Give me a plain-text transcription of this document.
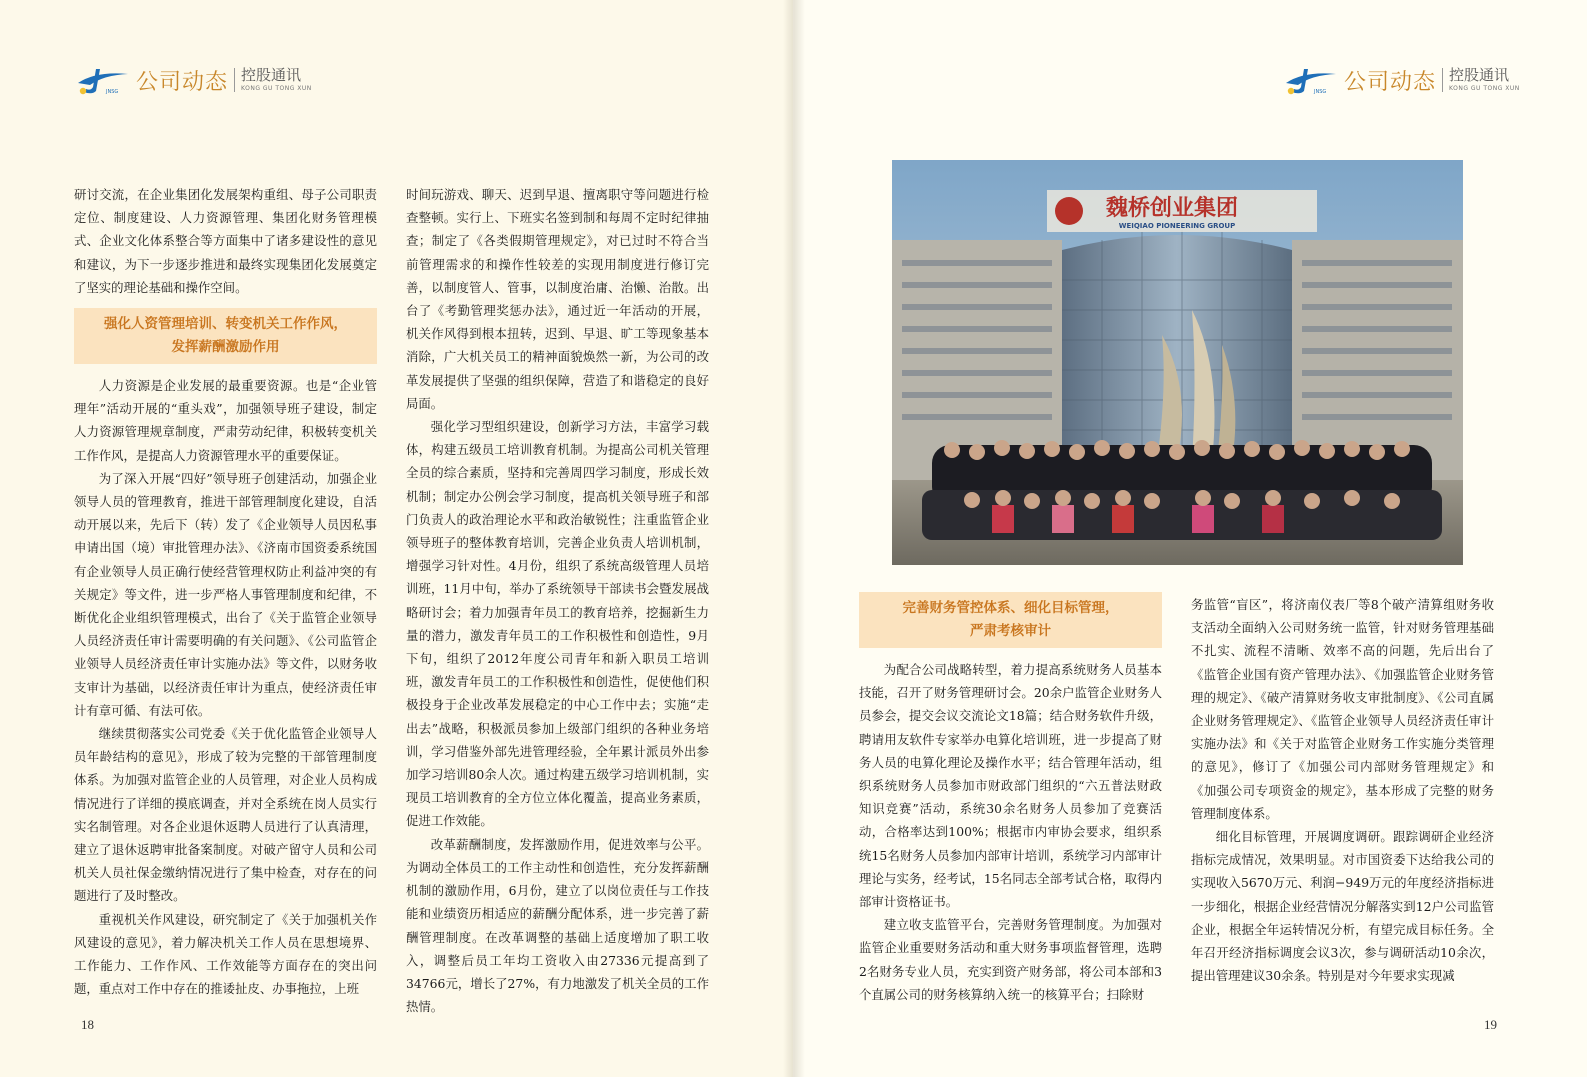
JNSG 公司动态 控股通讯
KONG GU TONG XUN

研讨交流，在企业集团化发展架构重组、母子公司职责定位、制度建设、人力资源管理、集团化财务管理模式、企业文化体系整合等方面集中了诸多建设性的意见和建议，为下一步逐步推进和最终实现集团化发展奠定了坚实的理论基础和操作空间。

强化人资管理培训、转变机关工作作风，
发挥薪酬激励作用

人力资源是企业发展的最重要资源。也是“企业管理年”活动开展的“重头戏”，加强领导班子建设，制定人力资源管理规章制度，严肃劳动纪律，积极转变机关工作作风，是提高人力资源管理水平的重要保证。

为了深入开展“四好”领导班子创建活动，加强企业领导人员的管理教育，推进干部管理制度化建设，自活动开展以来，先后下（转）发了《企业领导人员因私事申请出国（境）审批管理办法》、《济南市国资委系统国有企业领导人员正确行使经营管理权防止利益冲突的有关规定》等文件，进一步严格人事管理制度和纪律，不断优化企业组织管理模式，出台了《关于监管企业领导人员经济责任审计需要明确的有关问题》、《公司监管企业领导人员经济责任审计实施办法》等文件，以财务收支审计为基础，以经济责任审计为重点，使经济责任审计有章可循、有法可依。

继续贯彻落实公司党委《关于优化监管企业领导人员年龄结构的意见》，形成了较为完整的干部管理制度体系。为加强对监管企业的人员管理，对企业人员构成情况进行了详细的摸底调查，并对全系统在岗人员实行实名制管理。对各企业退休返聘人员进行了认真清理，建立了退休返聘审批备案制度。对破产留守人员和公司机关人员社保金缴纳情况进行了集中检查，对存在的问题进行了及时整改。

重视机关作风建设，研究制定了《关于加强机关作风建设的意见》，着力解决机关工作人员在思想境界、工作能力、工作作风、工作效能等方面存在的突出问题，重点对工作中存在的推诿扯皮、办事拖拉，上班

时间玩游戏、聊天、迟到早退、擅离职守等问题进行检查整顿。实行上、下班实名签到制和每周不定时纪律抽查；制定了《各类假期管理规定》，对已过时不符合当前管理需求的和操作性较差的实现用制度进行修订完善，以制度管人、管事，以制度治庸、治懒、治散。出台了《考勤管理奖惩办法》，通过近一年活动的开展，机关作风得到根本扭转，迟到、早退、旷工等现象基本消除，广大机关员工的精神面貌焕然一新，为公司的改革发展提供了坚强的组织保障，营造了和谐稳定的良好局面。

强化学习型组织建设，创新学习方法，丰富学习载体，构建五级员工培训教育机制。为提高公司机关管理全员的综合素质，坚持和完善周四学习制度，形成长效机制；制定办公例会学习制度，提高机关领导班子和部门负责人的政治理论水平和政治敏锐性；注重监管企业领导班子的整体教育培训，完善企业负责人培训机制，增强学习针对性。4月份，组织了系统高级管理人员培训班，11月中旬，举办了系统领导干部读书会暨发展战略研讨会；着力加强青年员工的教育培养，挖掘新生力量的潜力，激发青年员工的工作积极性和创造性，9月下旬，组织了2012年度公司青年和新入职员工培训班，激发青年员工的工作积极性和创造性，促使他们积极投身于企业改革发展稳定的中心工作中去；实施“走出去”战略，积极派员参加上级部门组织的各种业务培训，学习借鉴外部先进管理经验，全年累计派员外出参加学习培训80余人次。通过构建五级学习培训机制，实现员工培训教育的全方位立体化覆盖，提高业务素质，促进工作效能。

改革薪酬制度，发挥激励作用，促进效率与公平。为调动全体员工的工作主动性和创造性，充分发挥薪酬机制的激励作用，6月份，建立了以岗位责任与工作技能和业绩资历相适应的薪酬分配体系，进一步完善了薪酬管理制度。在改革调整的基础上适度增加了职工收入，调整后员工年均工资收入由27336元提高到了34766元，增长了27%，有力地激发了机关全员的工作热情。

18
JNSG 公司动态 控股通讯
KONG GU TONG XUN
19
魏桥创业集团
WEIQIAO PIONEERING GROUP
完善财务管控体系、细化目标管理，
严肃考核审计

为配合公司战略转型，着力提高系统财务人员基本技能，召开了财务管理研讨会。20余户监管企业财务人员参会，提交会议交流论文18篇；结合财务软件升级，聘请用友软件专家举办电算化培训班，进一步提高了财务人员的电算化理论及操作水平；结合管理年活动，组织系统财务人员参加市财政部门组织的“六五普法财政知识竞赛”活动，系统30余名财务人员参加了竞赛活动，合格率达到100%；根据市内审协会要求，组织系统15名财务人员参加内部审计培训，系统学习内部审计理论与实务，经考试，15名同志全部考试合格，取得内部审计资格证书。

建立收支监管平台，完善财务管理制度。为加强对监管企业重要财务活动和重大财务事项监督管理，选聘2名财务专业人员，充实到资产财务部，将公司本部和3个直属公司的财务核算纳入统一的核算平台；扫除财

务监管“盲区”，将济南仪表厂等8个破产清算组财务收支活动全面纳入公司财务统一监管，针对财务管理基础不扎实、流程不清晰、效率不高的问题，先后出台了《监管企业国有资产管理办法》、《加强监管企业财务管理的规定》、《破产清算财务收支审批制度》、《公司直属企业财务管理规定》、《监管企业领导人员经济责任审计实施办法》和《关于对监管企业财务工作实施分类管理的意见》，修订了《加强公司内部财务管理规定》和《加强公司专项资金的规定》，基本形成了完整的财务管理制度体系。

细化目标管理，开展调度调研。跟踪调研企业经济指标完成情况，效果明显。对市国资委下达给我公司的实现收入5670万元、利润−949万元的年度经济指标进一步细化，根据企业经营情况分解落实到12户公司监管企业，根据全年运转情况分析，有望完成目标任务。全年召开经济指标调度会议3次，参与调研活动10余次，提出管理建议30余条。特别是对今年要求实现减
